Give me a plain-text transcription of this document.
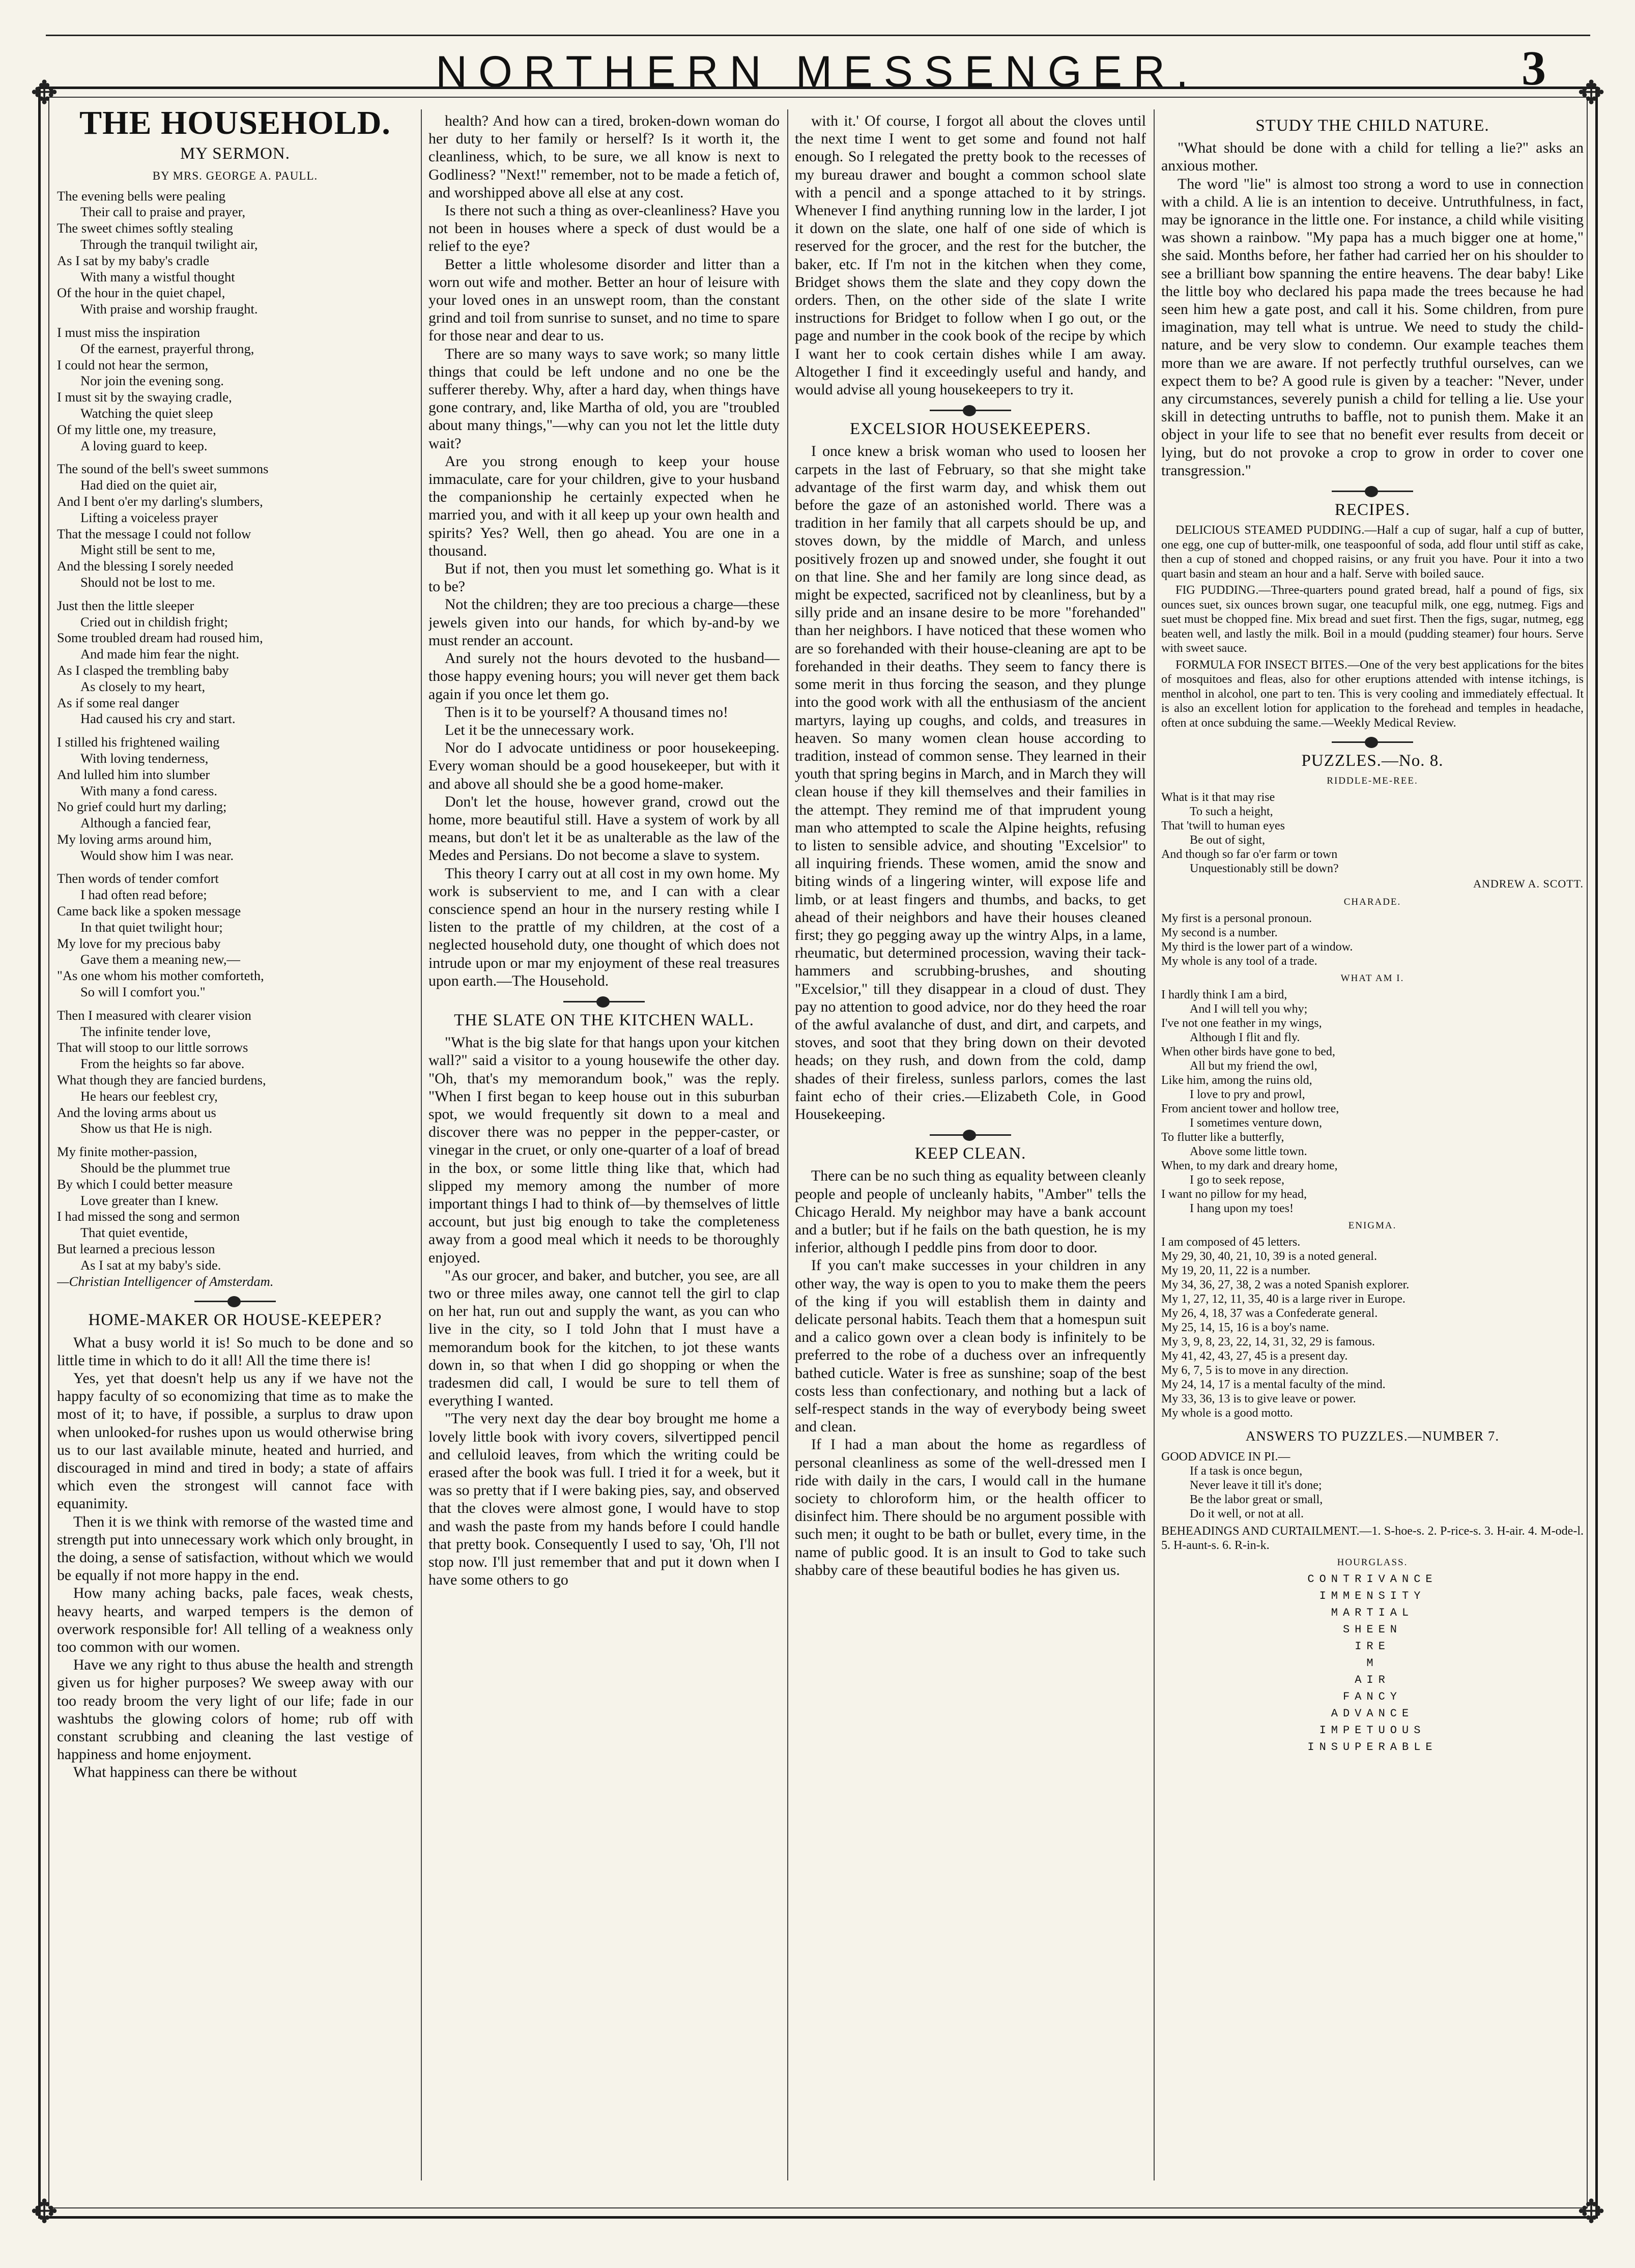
NORTHERN MESSENGER.	3
✥	✥
✥	✥
THE HOUSEHOLD.
MY SERMON.
BY MRS. GEORGE A. PAULL.

The evening bells were pealing

Their call to praise and prayer,

The sweet chimes softly stealing

Through the tranquil twilight air,

As I sat by my baby's cradle

With many a wistful thought

Of the hour in the quiet chapel,

With praise and worship fraught.

I must miss the inspiration

Of the earnest, prayerful throng,

I could not hear the sermon,

Nor join the evening song.

I must sit by the swaying cradle,

Watching the quiet sleep

Of my little one, my treasure,

A loving guard to keep.

The sound of the bell's sweet summons

Had died on the quiet air,

And I bent o'er my darling's slumbers,

Lifting a voiceless prayer

That the message I could not follow

Might still be sent to me,

And the blessing I sorely needed

Should not be lost to me.

Just then the little sleeper

Cried out in childish fright;

Some troubled dream had roused him,

And made him fear the night.

As I clasped the trembling baby

As closely to my heart,

As if some real danger

Had caused his cry and start.

I stilled his frightened wailing

With loving tenderness,

And lulled him into slumber

With many a fond caress.

No grief could hurt my darling;

Although a fancied fear,

My loving arms around him,

Would show him I was near.

Then words of tender comfort

I had often read before;

Came back like a spoken message

In that quiet twilight hour;

My love for my precious baby

Gave them a meaning new,—

"As one whom his mother comforteth,

So will I comfort you."

Then I measured with clearer vision

The infinite tender love,

That will stoop to our little sorrows

From the heights so far above.

What though they are fancied burdens,

He hears our feeblest cry,

And the loving arms about us

Show us that He is nigh.

My finite mother-passion,

Should be the plummet true

By which I could better measure

Love greater than I knew.

I had missed the song and sermon

That quiet eventide,

But learned a precious lesson

As I sat at my baby's side.

—Christian Intelligencer of Amsterdam.

HOME-MAKER OR HOUSE-KEEPER?

What a busy world it is! So much to be done and so little time in which to do it all! All the time there is!

Yes, yet that doesn't help us any if we have not the happy faculty of so economizing that time as to make the most of it; to have, if possible, a surplus to draw upon when unlooked-for rushes upon us would otherwise bring us to our last available minute, heated and hurried, and discouraged in mind and tired in body; a state of affairs which even the strongest will cannot face with equanimity.

Then it is we think with remorse of the wasted time and strength put into unnecessary work which only brought, in the doing, a sense of satisfaction, without which we would be equally if not more happy in the end.

How many aching backs, pale faces, weak chests, heavy hearts, and warped tempers is the demon of overwork responsible for! All telling of a weakness only too common with our women.

Have we any right to thus abuse the health and strength given us for higher purposes? We sweep away with our too ready broom the very light of our life; fade in our washtubs the glowing colors of home; rub off with constant scrubbing and cleaning the last vestige of happiness and home enjoyment.

What happiness can there be without

health? And how can a tired, broken-down woman do her duty to her family or herself? Is it worth it, the cleanliness, which, to be sure, we all know is next to Godliness? "Next!" remember, not to be made a fetich of, and worshipped above all else at any cost.

Is there not such a thing as over-cleanliness? Have you not been in houses where a speck of dust would be a relief to the eye?

Better a little wholesome disorder and litter than a worn out wife and mother. Better an hour of leisure with your loved ones in an unswept room, than the constant grind and toil from sunrise to sunset, and no time to spare for those near and dear to us.

There are so many ways to save work; so many little things that could be left undone and no one be the sufferer thereby. Why, after a hard day, when things have gone contrary, and, like Martha of old, you are "troubled about many things,"—why can you not let the little duty wait?

Are you strong enough to keep your house immaculate, care for your children, give to your husband the companionship he certainly expected when he married you, and with it all keep up your own health and spirits? Yes? Well, then go ahead. You are one in a thousand.

But if not, then you must let something go. What is it to be?

Not the children; they are too precious a charge—these jewels given into our hands, for which by-and-by we must render an account.

And surely not the hours devoted to the husband—those happy evening hours; you will never get them back again if you once let them go.

Then is it to be yourself? A thousand times no!

Let it be the unnecessary work.

Nor do I advocate untidiness or poor housekeeping. Every woman should be a good housekeeper, but with it and above all should she be a good home-maker.

Don't let the house, however grand, crowd out the home, more beautiful still. Have a system of work by all means, but don't let it be as unalterable as the law of the Medes and Persians. Do not become a slave to system.

This theory I carry out at all cost in my own home. My work is subservient to me, and I can with a clear conscience spend an hour in the nursery resting while I listen to the prattle of my children, at the cost of a neglected household duty, one thought of which does not intrude upon or mar my enjoyment of these real treasures upon earth.—The Household.

THE SLATE ON THE KITCHEN WALL.

"What is the big slate for that hangs upon your kitchen wall?" said a visitor to a young housewife the other day. "Oh, that's my memorandum book," was the reply. "When I first began to keep house out in this suburban spot, we would frequently sit down to a meal and discover there was no pepper in the pepper-caster, or vinegar in the cruet, or only one-quarter of a loaf of bread in the box, or some little thing like that, which had slipped my memory among the number of more important things I had to think of—by themselves of little account, but just big enough to take the completeness away from a good meal which it needs to be thoroughly enjoyed.

"As our grocer, and baker, and butcher, you see, are all two or three miles away, one cannot tell the girl to clap on her hat, run out and supply the want, as you can who live in the city, so I told John that I must have a memorandum book for the kitchen, to jot these wants down in, so that when I did go shopping or when the tradesmen did call, I would be sure to tell them of everything I wanted.

"The very next day the dear boy brought me home a lovely little book with ivory covers, silvertipped pencil and celluloid leaves, from which the writing could be erased after the book was full. I tried it for a week, but it was so pretty that if I were baking pies, say, and observed that the cloves were almost gone, I would have to stop and wash the paste from my hands before I could handle that pretty book. Consequently I used to say, 'Oh, I'll not stop now. I'll just remember that and put it down when I have some others to go

with it.' Of course, I forgot all about the cloves until the next time I went to get some and found not half enough. So I relegated the pretty book to the recesses of my bureau drawer and bought a common school slate with a pencil and a sponge attached to it by strings. Whenever I find anything running low in the larder, I jot it down on the slate, one half of one side of which is reserved for the grocer, and the rest for the butcher, the baker, etc. If I'm not in the kitchen when they come, Bridget shows them the slate and they copy down the orders. Then, on the other side of the slate I write instructions for Bridget to follow when I go out, or the page and number in the cook book of the recipe by which I want her to cook certain dishes while I am away. Altogether I find it exceedingly useful and handy, and would advise all young housekeepers to try it.

EXCELSIOR HOUSEKEEPERS.

I once knew a brisk woman who used to loosen her carpets in the last of February, so that she might take advantage of the first warm day, and whisk them out before the gaze of an astonished world. There was a tradition in her family that all carpets should be up, and stoves down, by the middle of March, and unless positively frozen up and snowed under, she fought it out on that line. She and her family are long since dead, as might be expected, sacrificed not by cleanliness, but by a silly pride and an insane desire to be more "forehanded" than her neighbors. I have noticed that these women who are so forehanded with their house-cleaning are apt to be forehanded in their deaths. They seem to fancy there is some merit in thus forcing the season, and they plunge into the good work with all the enthusiasm of the ancient martyrs, laying up coughs, and colds, and treasures in heaven. So many women clean house according to tradition, instead of common sense. They learned in their youth that spring begins in March, and in March they will clean house if they kill themselves and their families in the attempt. They remind me of that imprudent young man who attempted to scale the Alpine heights, refusing to listen to sensible advice, and shouting "Excelsior" to all inquiring friends. These women, amid the snow and biting winds of a lingering winter, will expose life and limb, or at least fingers and thumbs, and backs, to get ahead of their neighbors and have their houses cleaned first; they go pegging away up the wintry Alps, in a lame, rheumatic, but determined procession, waving their tack-hammers and scrubbing-brushes, and shouting "Excelsior," till they disappear in a cloud of dust. They pay no attention to good advice, nor do they heed the roar of the awful avalanche of dust, and dirt, and carpets, and stoves, and soot that they bring down on their devoted heads; on they rush, and down from the cold, damp shades of their fireless, sunless parlors, comes the last faint echo of their cries.—Elizabeth Cole, in Good Housekeeping.

KEEP CLEAN.

There can be no such thing as equality between cleanly people and people of uncleanly habits, "Amber" tells the Chicago Herald. My neighbor may have a bank account and a butler; but if he fails on the bath question, he is my inferior, although I peddle pins from door to door.

If you can't make successes in your children in any other way, the way is open to you to make them the peers of the king if you will establish them in dainty and delicate personal habits. Teach them that a homespun suit and a calico gown over a clean body is infinitely to be preferred to the robe of a duchess over an infrequently bathed cuticle. Water is free as sunshine; soap of the best costs less than confectionary, and nothing but a lack of self-respect stands in the way of everybody being sweet and clean.

If I had a man about the home as regardless of personal cleanliness as some of the well-dressed men I ride with daily in the cars, I would call in the humane society to chloroform him, or the health officer to disinfect him. There should be no argument possible with such men; it ought to be bath or bullet, every time, in the name of public good. It is an insult to God to take such shabby care of these beautiful bodies he has given us.

STUDY THE CHILD NATURE.

"What should be done with a child for telling a lie?" asks an anxious mother.

The word "lie" is almost too strong a word to use in connection with a child. A lie is an intention to deceive. Untruthfulness, in fact, may be ignorance in the little one. For instance, a child while visiting was shown a rainbow. "My papa has a much bigger one at home," she said. Months before, her father had carried her on his shoulder to see a brilliant bow spanning the entire heavens. The dear baby! Like the little boy who declared his papa made the trees because he had seen him hew a gate post, and call it his. Some children, from pure imagination, may tell what is untrue. We need to study the child-nature, and be very slow to condemn. Our example teaches them more than we are aware. If not perfectly truthful ourselves, can we expect them to be? A good rule is given by a teacher: "Never, under any circumstances, severely punish a child for telling a lie. Use your skill in detecting untruths to baffle, not to punish them. Make it an object in your life to see that no benefit ever results from deceit or lying, but do not provoke a crop to grow in order to cover one transgression."

RECIPES.

DELICIOUS STEAMED PUDDING.—Half a cup of sugar, half a cup of butter, one egg, one cup of butter-milk, one teaspoonful of soda, add flour until stiff as cake, then a cup of stoned and chopped raisins, or any fruit you have. Pour it into a two quart basin and steam an hour and a half. Serve with boiled sauce.

FIG PUDDING.—Three-quarters pound grated bread, half a pound of figs, six ounces suet, six ounces brown sugar, one teacupful milk, one egg, nutmeg. Figs and suet must be chopped fine. Mix bread and suet first. Then the figs, sugar, nutmeg, egg beaten well, and lastly the milk. Boil in a mould (pudding steamer) four hours. Serve with sweet sauce.

FORMULA FOR INSECT BITES.—One of the very best applications for the bites of mosquitoes and fleas, also for other eruptions attended with intense itchings, is menthol in alcohol, one part to ten. This is very cooling and immediately effectual. It is also an excellent lotion for application to the forehead and temples in headache, often at once subduing the same.—Weekly Medical Review.

PUZZLES.—No. 8.

RIDDLE-ME-REE.

What is it that may rise

To such a height,

That 'twill to human eyes

Be out of sight,

And though so far o'er farm or town

Unquestionably still be down?

ANDREW A. SCOTT.

CHARADE.

My first is a personal pronoun.

My second is a number.

My third is the lower part of a window.

My whole is any tool of a trade.

WHAT AM I.

I hardly think I am a bird,

And I will tell you why;

I've not one feather in my wings,

Although I flit and fly.

When other birds have gone to bed,

All but my friend the owl,

Like him, among the ruins old,

I love to pry and prowl,

From ancient tower and hollow tree,

I sometimes venture down,

To flutter like a butterfly,

Above some little town.

When, to my dark and dreary home,

I go to seek repose,

I want no pillow for my head,

I hang upon my toes!

ENIGMA.

I am composed of 45 letters.

My 29, 30, 40, 21, 10, 39 is a noted general.

My 19, 20, 11, 22 is a number.

My 34, 36, 27, 38, 2 was a noted Spanish explorer.

My 1, 27, 12, 11, 35, 40 is a large river in Europe.

My 26, 4, 18, 37 was a Confederate general.

My 25, 14, 15, 16 is a boy's name.

My 3, 9, 8, 23, 22, 14, 31, 32, 29 is famous.

My 41, 42, 43, 27, 45 is a present day.

My 6, 7, 5 is to move in any direction.

My 24, 14, 17 is a mental faculty of the mind.

My 33, 36, 13 is to give leave or power.

My whole is a good motto.

ANSWERS TO PUZZLES.—NUMBER 7.

GOOD ADVICE IN PI.—

If a task is once begun,

Never leave it till it's done;

Be the labor great or small,

Do it well, or not at all.

BEHEADINGS AND CURTAILMENT.—1. S-hoe-s. 2. P-rice-s. 3. H-air. 4. M-ode-l. 5. H-aunt-s. 6. R-in-k.

HOURGLASS.

CONTRIVANCE
IMMENSITY
MARTIAL
SHEEN
IRE
M
AIR
FANCY
ADVANCE
IMPETUOUS
INSUPERABLE
